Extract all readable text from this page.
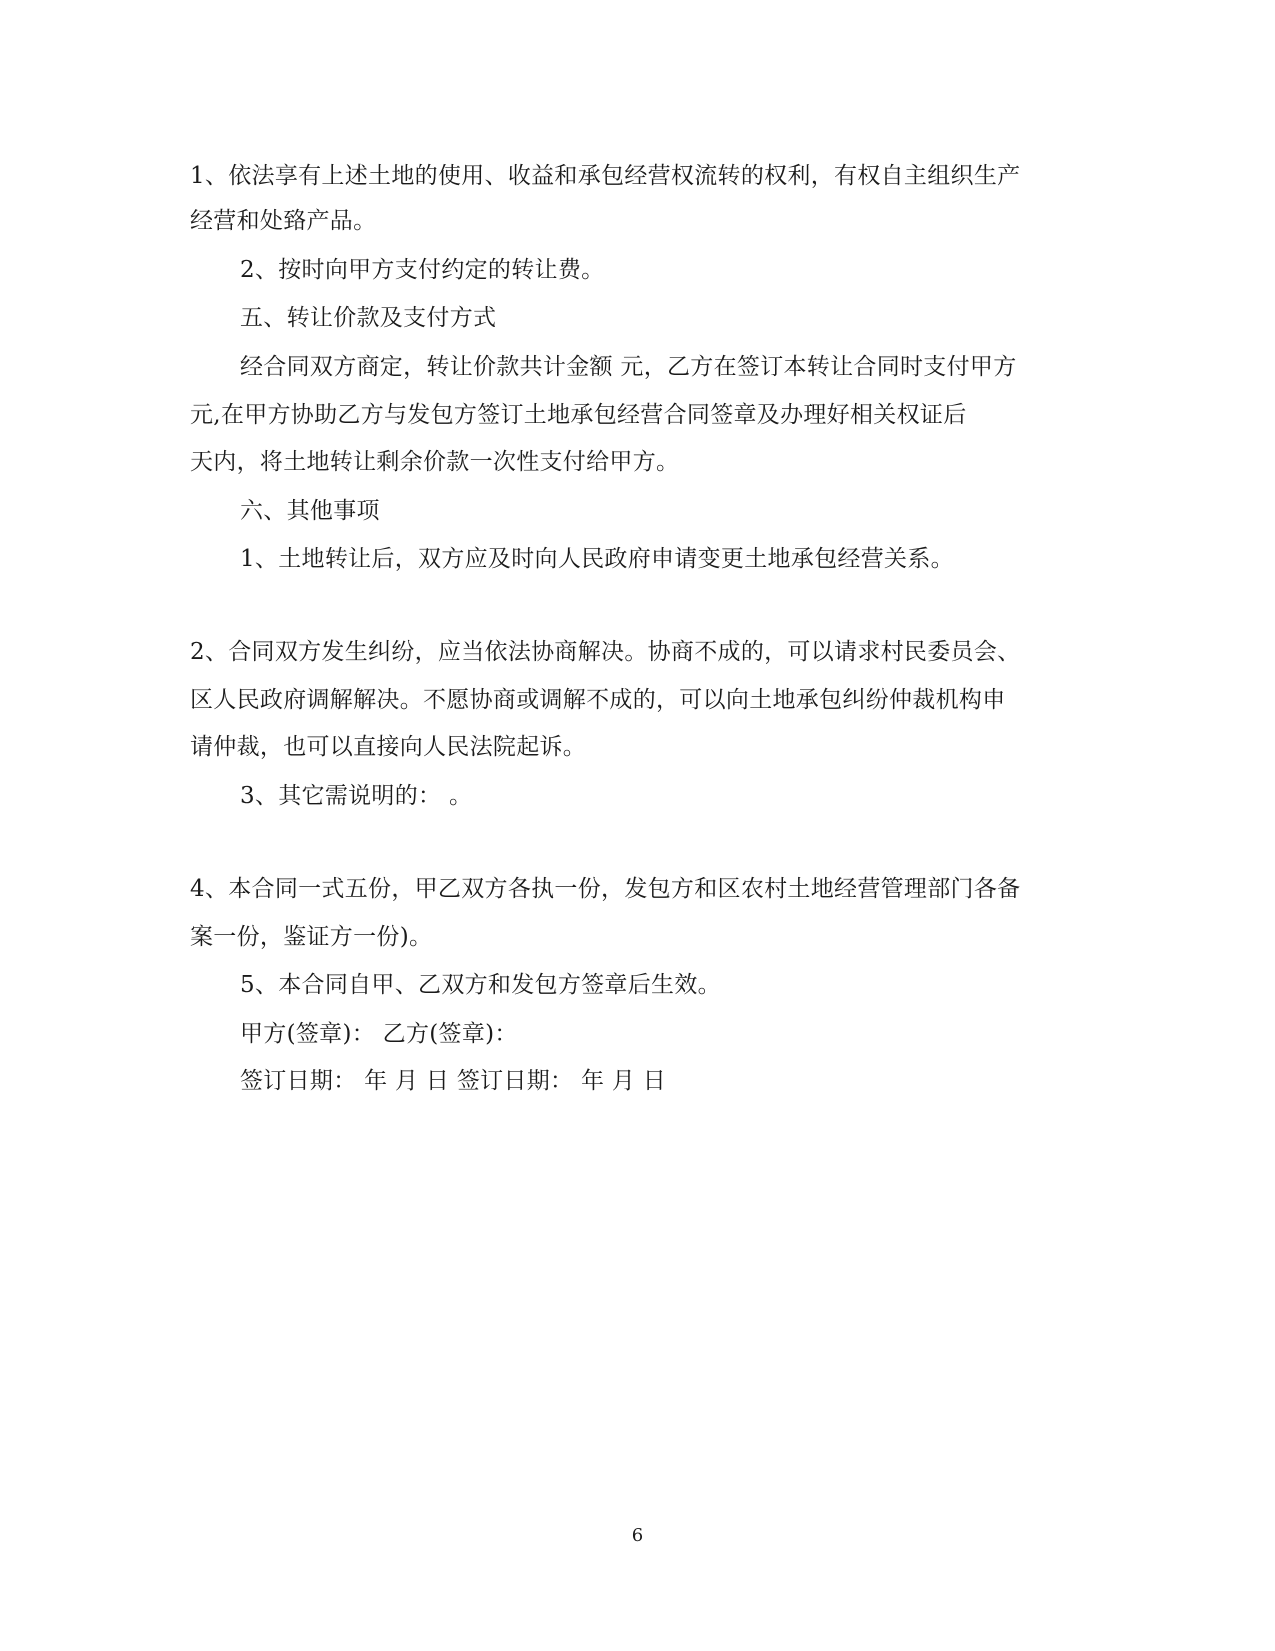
1、依法享有上述土地的使用、收益和承包经营权流转的权利，有权自主组织生产
经营和处臵产品。
2、按时向甲方支付约定的转让费。
五、转让价款及支付方式
经合同双方商定，转让价款共计金额 元，乙方在签订本转让合同时支付甲方
元,在甲方协助乙方与发包方签订土地承包经营合同签章及办理好相关权证后
天内，将土地转让剩余价款一次性支付给甲方。
六、其他事项
1、土地转让后，双方应及时向人民政府申请变更土地承包经营关系。
2、合同双方发生纠纷，应当依法协商解决。协商不成的，可以请求村民委员会、
区人民政府调解解决。不愿协商或调解不成的，可以向土地承包纠纷仲裁机构申
请仲裁，也可以直接向人民法院起诉。
3、其它需说明的： 。
4、本合同一式五份，甲乙双方各执一份，发包方和区农村土地经营管理部门各备
案一份，鉴证方一份)。
5、本合同自甲、乙双方和发包方签章后生效。
甲方(签章)： 乙方(签章)：
签订日期： 年 月 日 签订日期： 年 月 日
6
